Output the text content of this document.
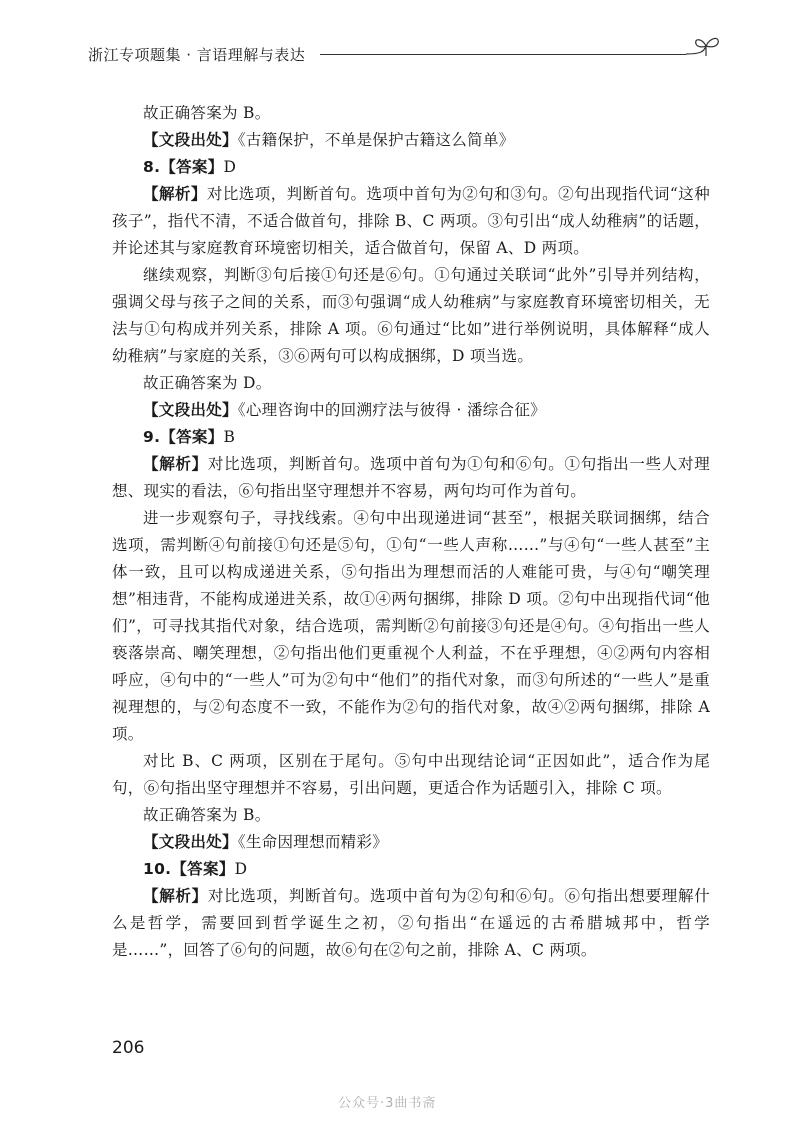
浙江专项题集 · 言语理解与表达

故正确答案为 B。

【文段出处】《古籍保护，不单是保护古籍这么简单》

8.【答案】D

【解析】对比选项，判断首句。选项中首句为②句和③句。②句出现指代词“这种孩子”，指代不清，不适合做首句，排除 B、C 两项。③句引出“成人幼稚病”的话题，并论述其与家庭教育环境密切相关，适合做首句，保留 A、D 两项。

继续观察，判断③句后接①句还是⑥句。①句通过关联词“此外”引导并列结构，强调父母与孩子之间的关系，而③句强调“成人幼稚病”与家庭教育环境密切相关，无法与①句构成并列关系，排除 A 项。⑥句通过“比如”进行举例说明，具体解释“成人幼稚病”与家庭的关系，③⑥两句可以构成捆绑，D 项当选。

故正确答案为 D。

【文段出处】《心理咨询中的回溯疗法与彼得 · 潘综合征》

9.【答案】B

【解析】对比选项，判断首句。选项中首句为①句和⑥句。①句指出一些人对理想、现实的看法，⑥句指出坚守理想并不容易，两句均可作为首句。

进一步观察句子，寻找线索。④句中出现递进词“甚至”，根据关联词捆绑，结合选项，需判断④句前接①句还是⑤句，①句“一些人声称……”与④句“一些人甚至”主体一致，且可以构成递进关系，⑤句指出为理想而活的人难能可贵，与④句“嘲笑理想”相违背，不能构成递进关系，故①④两句捆绑，排除 D 项。②句中出现指代词“他们”，可寻找其指代对象，结合选项，需判断②句前接③句还是④句。④句指出一些人亵落崇高、嘲笑理想，②句指出他们更重视个人利益，不在乎理想，④②两句内容相呼应，④句中的“一些人”可为②句中“他们”的指代对象，而③句所述的“一些人”是重视理想的，与②句态度不一致，不能作为②句的指代对象，故④②两句捆绑，排除 A 项。

对比 B、C 两项，区别在于尾句。⑤句中出现结论词“正因如此”，适合作为尾句，⑥句指出坚守理想并不容易，引出问题，更适合作为话题引入，排除 C 项。

故正确答案为 B。

【文段出处】《生命因理想而精彩》

10.【答案】D

【解析】对比选项，判断首句。选项中首句为②句和⑥句。⑥句指出想要理解什么是哲学，需要回到哲学诞生之初，②句指出“在遥远的古希腊城邦中，哲学是……”，回答了⑥句的问题，故⑥句在②句之前，排除 A、C 两项。

206
公众号·3曲书斋
